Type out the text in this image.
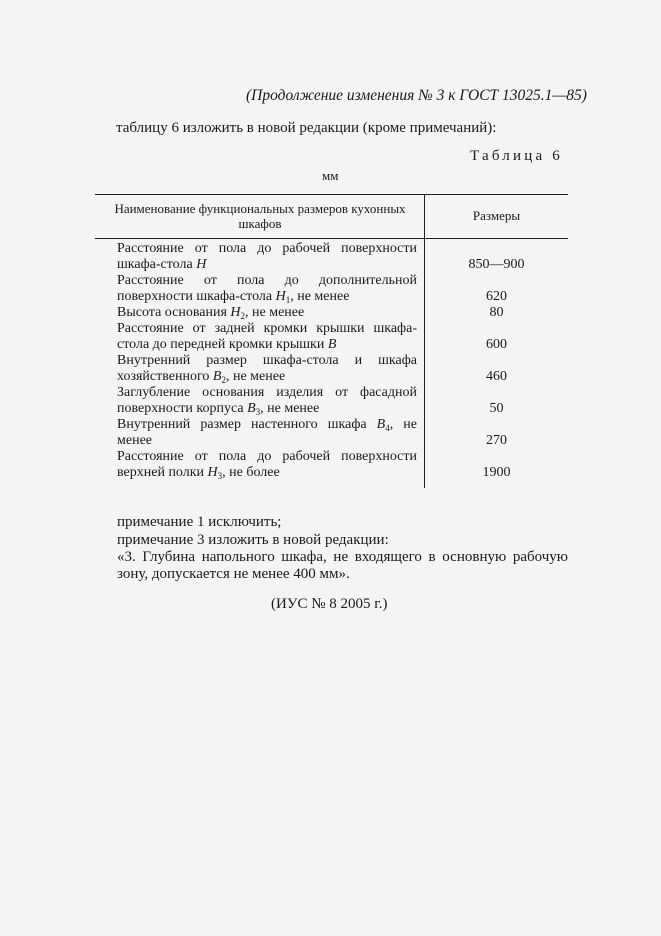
(Продолжение изменения № 3 к ГОСТ 13025.1—85)
таблицу 6 изложить в новой редакции (кроме примечаний):
Таблица 6
мм
Наименование функциональных размеров кухонных шкафов
Размеры
Расстояние от пола до рабочей поверхности шкафа-стола H	850—900
Расстояние от пола до дополнительной поверхности шкафа-стола $H_1$, не менее	620
Высота основания $H_2$, не менее	80
Расстояние от задней кромки крышки шкафа-стола до передней кромки крышки B	600
Внутренний размер шкафа-стола и шкафа хозяйственного $B_2$, не менее	460
Заглубление основания изделия от фасадной поверхности корпуса $B_3$, не менее	50
Внутренний размер настенного шкафа $B_4$, не менее	270
Расстояние от пола до рабочей поверхности верхней полки $H_3$, не более	1900
примечание 1 исключить;
примечание 3 изложить в новой редакции:
«3. Глубина напольного шкафа, не входящего в основную рабочую зону, допускается не менее 400 мм».
(ИУС № 8 2005 г.)
